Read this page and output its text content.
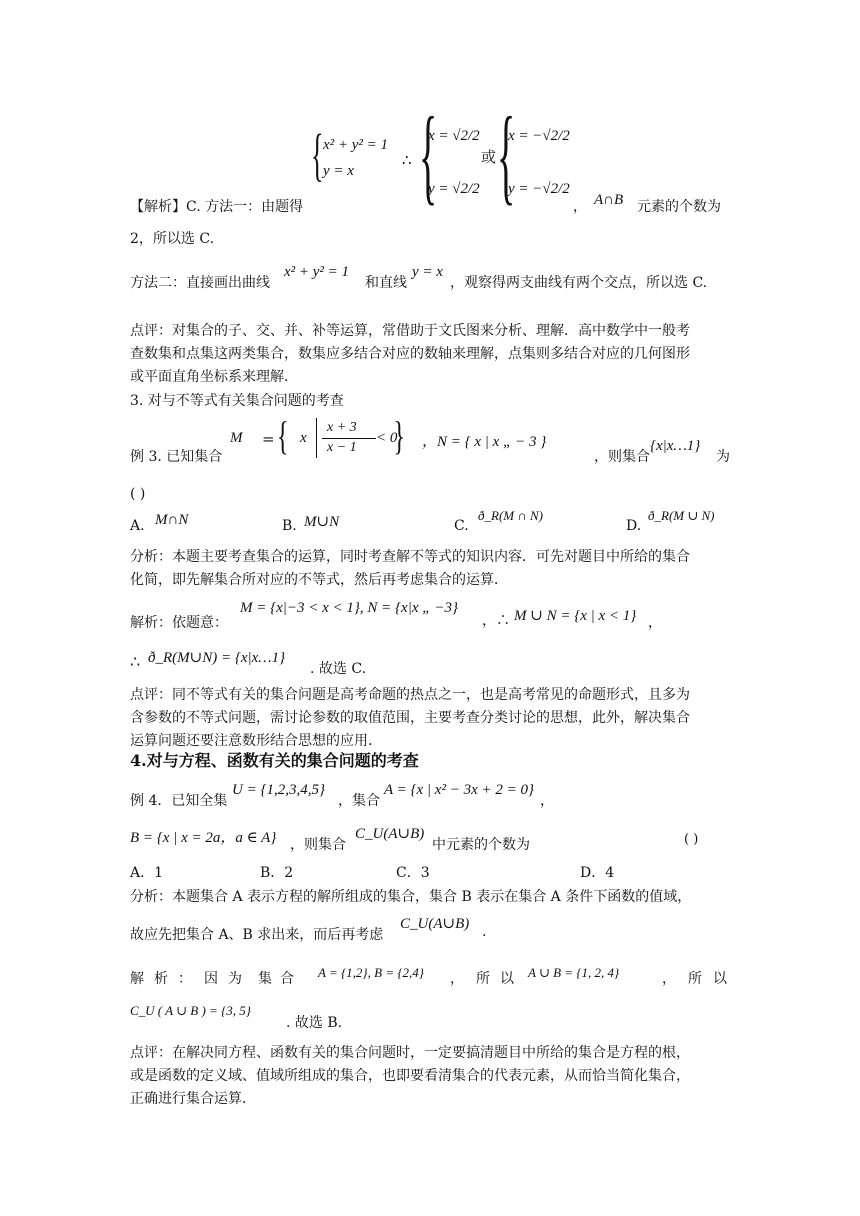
{ x² + y² = 1
y = x
∴ {
x = √2/2
y = √2/2
或 {
x = −√2/2
y = −√2/2
【解析】C. 方法一：由题得	， A∩B 元素的个数为
2，所以选 C.
方法二：直接画出曲线
x² + y² = 1
和直线
y = x
，观察得两支曲线有两个交点，所以选 C.
点评：对集合的子、交、并、补等运算，常借助于文氏图来分析、理解．高中数学中一般考
查数集和点集这两类集合，数集应多结合对应的数轴来理解，点集则多结合对应的几何图形
或平面直角坐标系来理解．
3. 对与不等式有关集合问题的考查
例 3. 已知集合
M = { x
x + 3
x − 1
< 0
{ ，N = { x | x „ − 3 }
，则集合
{x|x…1}
为
( )
A. M∩N	B. M∪N	C.
ð_R(M ∩ N)
D.
ð_R(M ∪ N)
分析：本题主要考查集合的运算，同时考查解不等式的知识内容．可先对题目中所给的集合
化简，即先解集合所对应的不等式，然后再考虑集合的运算．
解析：依题意：
M = {x|−3 < x < 1}, N = {x|x „ −3}
，∴ M ∪ N = {x | x < 1} ，
∴ ð_R(M∪N) = {x|x…1}
. 故选 C.
点评：同不等式有关的集合问题是高考命题的热点之一，也是高考常见的命题形式，且多为
含参数的不等式问题，需讨论参数的取值范围，主要考查分类讨论的思想，此外，解决集合
运算问题还要注意数形结合思想的应用．
4.对与方程、函数有关的集合问题的考查
例 4．已知全集
U = {1,2,3,4,5}
，集合
A = {x | x² − 3x + 2 = 0}
，
B = {x | x = 2a，a ∈ A} ，则集合
C_U(A∪B)
中元素的个数为	( )
A．1	B．2	C．3	D．4
分析：本题集合 A 表示方程的解所组成的集合，集合 B 表示在集合 A 条件下函数的值域，
故应先把集合 A、B 求出来，而后再考虑
C_U(A∪B) .
解 析 ： 因 为 集 合 A = {1,2}, B = {2,4} ， 所 以 A ∪ B = {1, 2, 4}	， 所 以
C_U ( A ∪ B ) = {3, 5}
. 故选 B.
点评：在解决同方程、函数有关的集合问题时，一定要搞清题目中所给的集合是方程的根，
或是函数的定义域、值域所组成的集合，也即要看清集合的代表元素，从而恰当简化集合，
正确进行集合运算．
